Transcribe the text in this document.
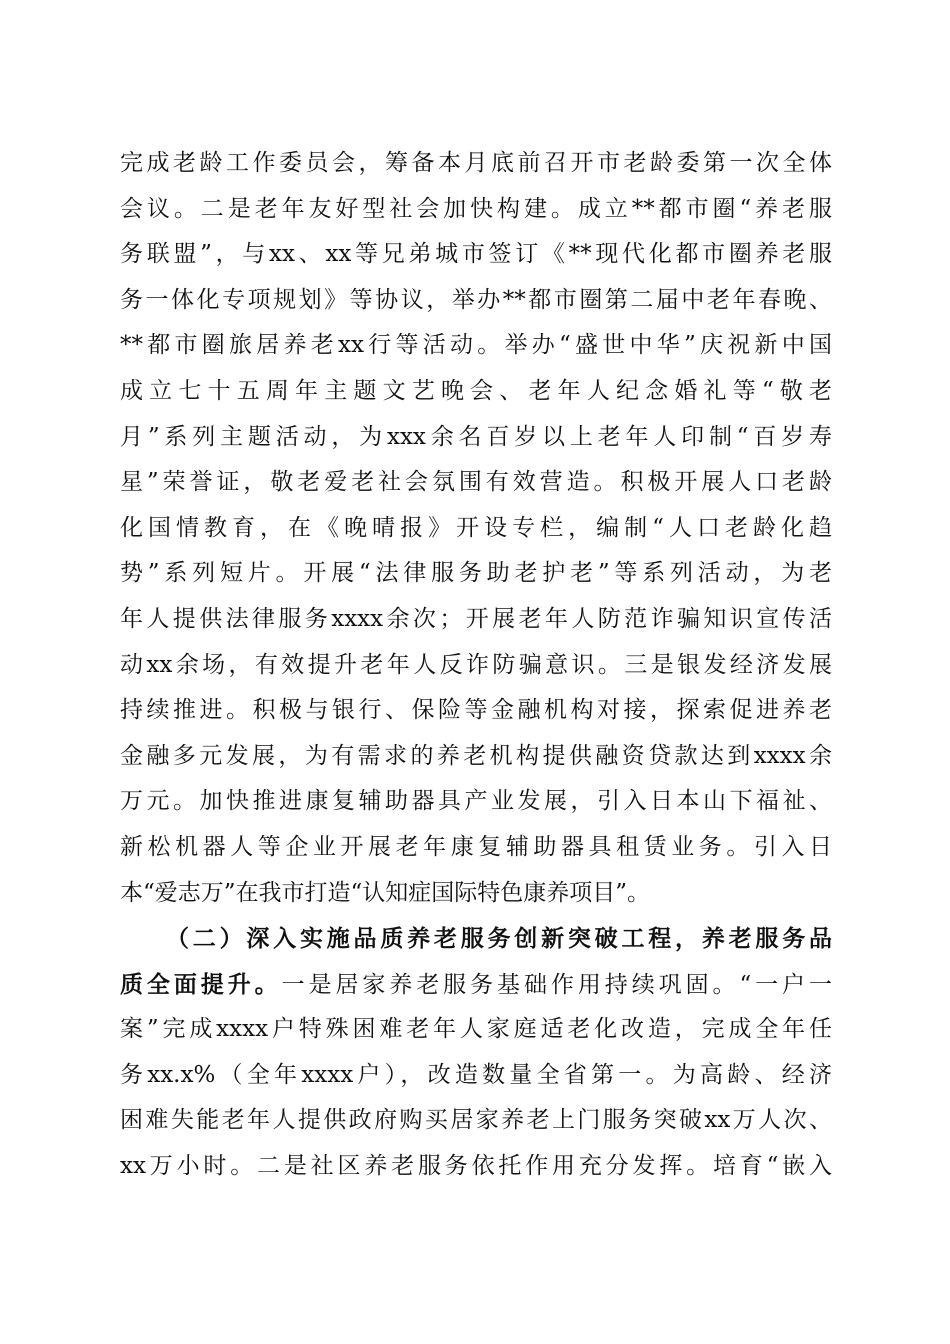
完成老龄工作委员会，筹备本月底前召开市老龄委第一次全体
会议。二是老年友好型社会加快构建。成立**都市圈“养老服
务联盟”，与xx、xx等兄弟城市签订《**现代化都市圈养老服
务一体化专项规划》等协议，举办**都市圈第二届中老年春晚、
**都市圈旅居养老xx行等活动。举办“盛世中华”庆祝新中国
成立七十五周年主题文艺晚会、老年人纪念婚礼等“敬老
月”系列主题活动，为xxx余名百岁以上老年人印制“百岁寿
星”荣誉证，敬老爱老社会氛围有效营造。积极开展人口老龄
化国情教育，在《晚晴报》开设专栏，编制“人口老龄化趋
势”系列短片。开展“法律服务助老护老”等系列活动，为老
年人提供法律服务xxxx余次；开展老年人防范诈骗知识宣传活
动xx余场，有效提升老年人反诈防骗意识。三是银发经济发展
持续推进。积极与银行、保险等金融机构对接，探索促进养老
金融多元发展，为有需求的养老机构提供融资贷款达到xxxx余
万元。加快推进康复辅助器具产业发展，引入日本山下福祉、
新松机器人等企业开展老年康复辅助器具租赁业务。引入日
本“爱志万”在我市打造“认知症国际特色康养项目”。
（二）深入实施品质养老服务创新突破工程，养老服务品
质全面提升。一是居家养老服务基础作用持续巩固。“一户一
案”完成xxxx户特殊困难老年人家庭适老化改造，完成全年任
务xx.x%（全年xxxx户），改造数量全省第一。为高龄、经济
困难失能老年人提供政府购买居家养老上门服务突破xx万人次、
xx万小时。二是社区养老服务依托作用充分发挥。培育“嵌入
